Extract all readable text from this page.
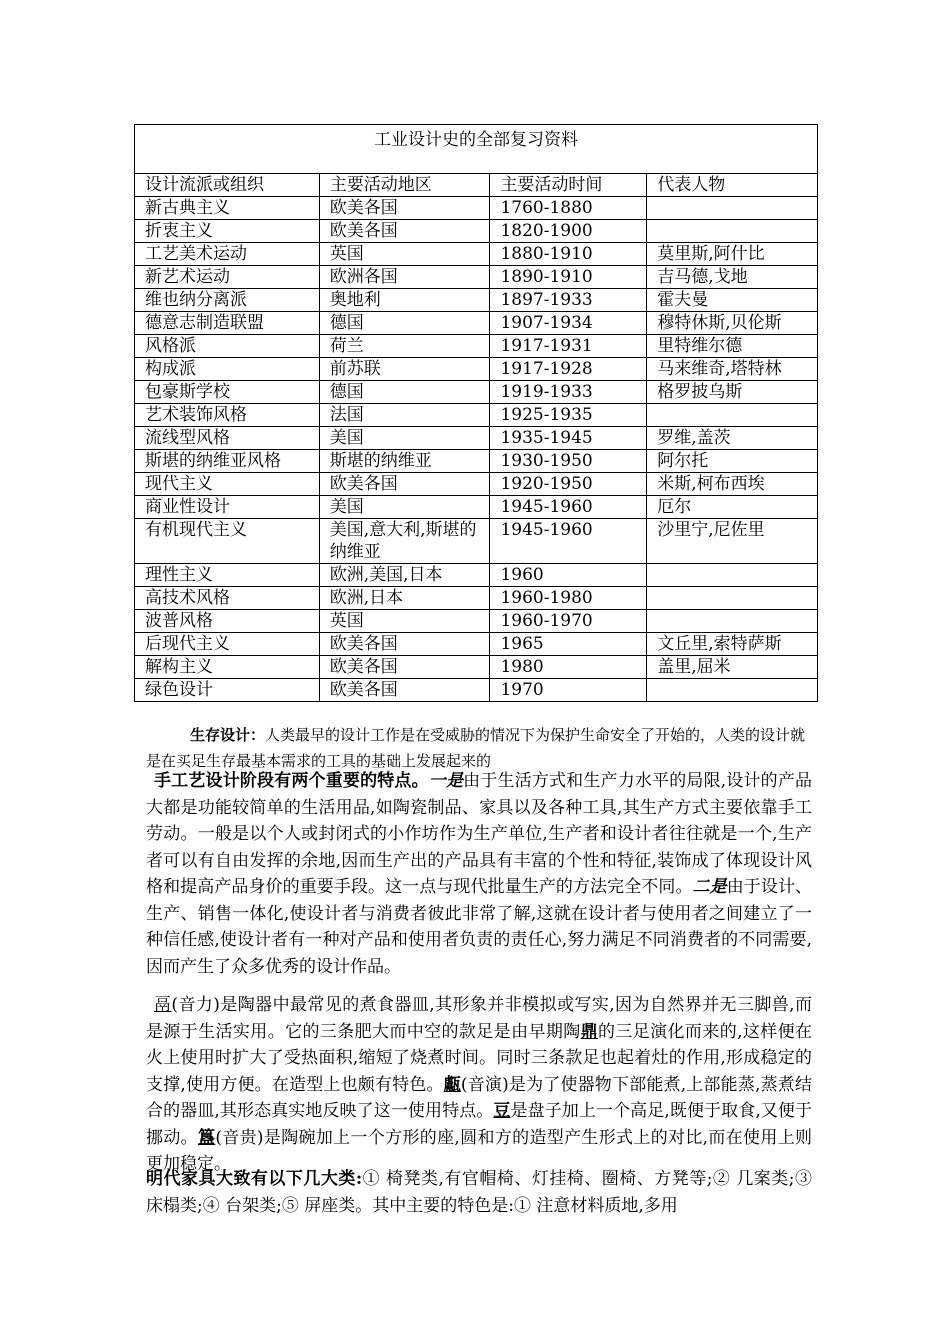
工业设计史的全部复习资料			
设计流派或组织	主要活动地区	主要活动时间	代表人物
新古典主义	欧美各国	1760-1880	
折衷主义	欧美各国	1820-1900	
工艺美术运动	英国	1880-1910	莫里斯,阿什比
新艺术运动	欧洲各国	1890-1910	吉马德,戈地
维也纳分离派	奥地利	1897-1933	霍夫曼
德意志制造联盟	德国	1907-1934	穆特休斯,贝伦斯
风格派	荷兰	1917-1931	里特维尔德
构成派	前苏联	1917-1928	马来维奇,塔特林
包豪斯学校	德国	1919-1933	格罗披乌斯
艺术装饰风格	法国	1925-1935	
流线型风格	美国	1935-1945	罗维,盖茨
斯堪的纳维亚风格	斯堪的纳维亚	1930-1950	阿尔托
现代主义	欧美各国	1920-1950	米斯,柯布西埃
商业性设计	美国	1945-1960	厄尔
有机现代主义	美国,意大利,斯堪的纳维亚	1945-1960	沙里宁,尼佐里
理性主义	欧洲,美国,日本	1960	
高技术风格	欧洲,日本	1960-1980	
波普风格	英国	1960-1970	
后现代主义	欧美各国	1965	文丘里,索特萨斯
解构主义	欧美各国	1980	盖里,屈米
绿色设计	欧美各国	1970	

生存设计：人类最早的设计工作是在受威胁的情况下为保护生命安全了开始的，人类的设计就是在买足生存最基本需求的工具的基础上发展起来的

手工艺设计阶段有两个重要的特点。一是由于生活方式和生产力水平的局限,设计的产品大都是功能较简单的生活用品,如陶瓷制品、家具以及各种工具,其生产方式主要依靠手工劳动。一般是以个人或封闭式的小作坊作为生产单位,生产者和设计者往往就是一个,生产者可以有自由发挥的余地,因而生产出的产品具有丰富的个性和特征,装饰成了体现设计风格和提高产品身价的重要手段。这一点与现代批量生产的方法完全不同。二是由于设计、生产、销售一体化,使设计者与消费者彼此非常了解,这就在设计者与使用者之间建立了一种信任感,使设计者有一种对产品和使用者负责的责任心,努力满足不同消费者的不同需要,因而产生了众多优秀的设计作品。

鬲(音力)是陶器中最常见的煮食器皿,其形象并非模拟或写实,因为自然界并无三脚兽,而是源于生活实用。它的三条肥大而中空的款足是由早期陶鼎的三足演化而来的,这样便在火上使用时扩大了受热面积,缩短了烧煮时间。同时三条款足也起着灶的作用,形成稳定的支撑,使用方便。在造型上也颇有特色。甗(音演)是为了使器物下部能煮,上部能蒸,蒸煮结合的器皿,其形态真实地反映了这一使用特点。豆是盘子加上一个高足,既便于取食,又便于挪动。簋(音贵)是陶碗加上一个方形的座,圆和方的造型产生形式上的对比,而在使用上则更加稳定。

明代家具大致有以下几大类:① 椅凳类,有官帽椅、灯挂椅、圈椅、方凳等;② 几案类;③ 床榻类;④ 台架类;⑤ 屏座类。其中主要的特色是:① 注意材料质地,多用
